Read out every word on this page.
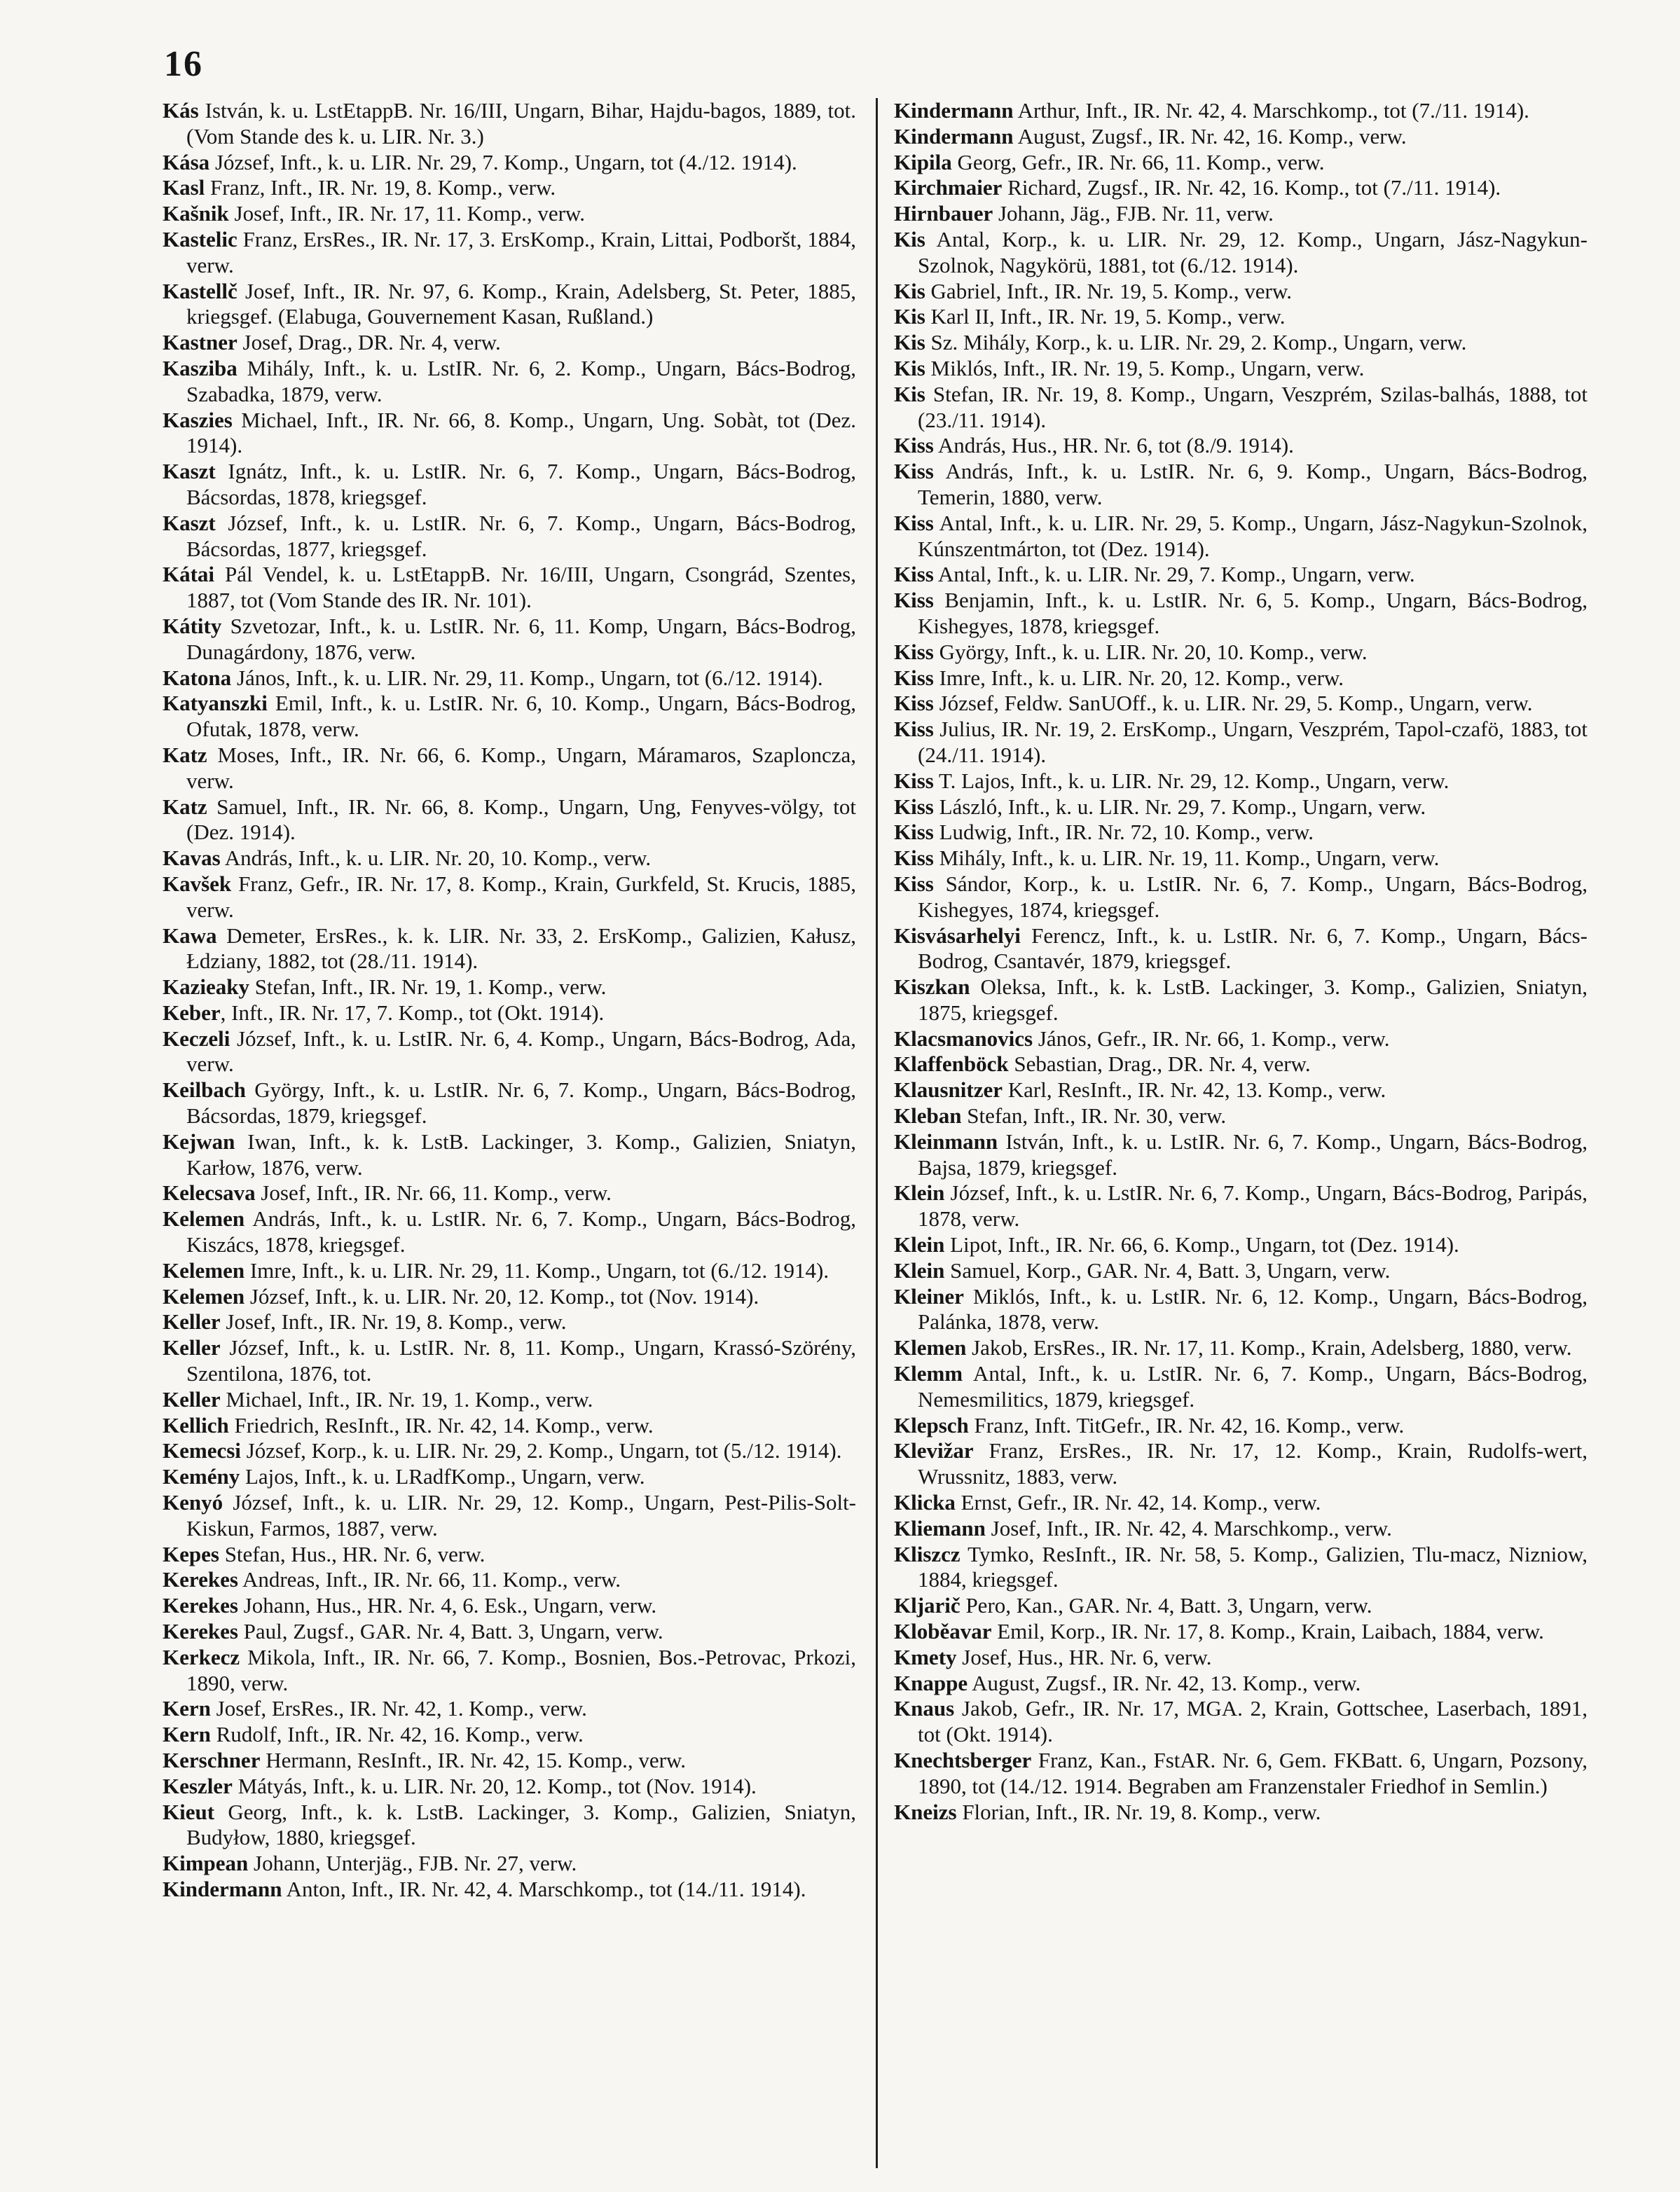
16

Kás István, k. u. LstEtappB. Nr. 16/III, Ungarn, Bihar, Hajdu-bagos, 1889, tot. (Vom Stande des k. u. LIR. Nr. 3.)

Kása József, Inft., k. u. LIR. Nr. 29, 7. Komp., Ungarn, tot (4./12. 1914).

Kasl Franz, Inft., IR. Nr. 19, 8. Komp., verw.

Kašnik Josef, Inft., IR. Nr. 17, 11. Komp., verw.

Kastelic Franz, ErsRes., IR. Nr. 17, 3. ErsKomp., Krain, Littai, Podboršt, 1884, verw.

Kastellč Josef, Inft., IR. Nr. 97, 6. Komp., Krain, Adelsberg, St. Peter, 1885, kriegsgef. (Elabuga, Gouvernement Kasan, Rußland.)

Kastner Josef, Drag., DR. Nr. 4, verw.

Kasziba Mihály, Inft., k. u. LstIR. Nr. 6, 2. Komp., Ungarn, Bács-Bodrog, Szabadka, 1879, verw.

Kaszies Michael, Inft., IR. Nr. 66, 8. Komp., Ungarn, Ung. Sobàt, tot (Dez. 1914).

Kaszt Ignátz, Inft., k. u. LstIR. Nr. 6, 7. Komp., Ungarn, Bács-Bodrog, Bácsordas, 1878, kriegsgef.

Kaszt József, Inft., k. u. LstIR. Nr. 6, 7. Komp., Ungarn, Bács-Bodrog, Bácsordas, 1877, kriegsgef.

Kátai Pál Vendel, k. u. LstEtappB. Nr. 16/III, Ungarn, Csongrád, Szentes, 1887, tot (Vom Stande des IR. Nr. 101).

Kátity Szvetozar, Inft., k. u. LstIR. Nr. 6, 11. Komp, Ungarn, Bács-Bodrog, Dunagárdony, 1876, verw.

Katona János, Inft., k. u. LIR. Nr. 29, 11. Komp., Ungarn, tot (6./12. 1914).

Katyanszki Emil, Inft., k. u. LstIR. Nr. 6, 10. Komp., Ungarn, Bács-Bodrog, Ofutak, 1878, verw.

Katz Moses, Inft., IR. Nr. 66, 6. Komp., Ungarn, Máramaros, Szaploncza, verw.

Katz Samuel, Inft., IR. Nr. 66, 8. Komp., Ungarn, Ung, Fenyves-völgy, tot (Dez. 1914).

Kavas András, Inft., k. u. LIR. Nr. 20, 10. Komp., verw.

Kavšek Franz, Gefr., IR. Nr. 17, 8. Komp., Krain, Gurkfeld, St. Krucis, 1885, verw.

Kawa Demeter, ErsRes., k. k. LIR. Nr. 33, 2. ErsKomp., Galizien, Kałusz, Łdziany, 1882, tot (28./11. 1914).

Kazieaky Stefan, Inft., IR. Nr. 19, 1. Komp., verw.

Keber, Inft., IR. Nr. 17, 7. Komp., tot (Okt. 1914).

Keczeli József, Inft., k. u. LstIR. Nr. 6, 4. Komp., Ungarn, Bács-Bodrog, Ada, verw.

Keilbach György, Inft., k. u. LstIR. Nr. 6, 7. Komp., Ungarn, Bács-Bodrog, Bácsordas, 1879, kriegsgef.

Kejwan Iwan, Inft., k. k. LstB. Lackinger, 3. Komp., Galizien, Sniatyn, Karłow, 1876, verw.

Kelecsava Josef, Inft., IR. Nr. 66, 11. Komp., verw.

Kelemen András, Inft., k. u. LstIR. Nr. 6, 7. Komp., Ungarn, Bács-Bodrog, Kiszács, 1878, kriegsgef.

Kelemen Imre, Inft., k. u. LIR. Nr. 29, 11. Komp., Ungarn, tot (6./12. 1914).

Kelemen József, Inft., k. u. LIR. Nr. 20, 12. Komp., tot (Nov. 1914).

Keller Josef, Inft., IR. Nr. 19, 8. Komp., verw.

Keller József, Inft., k. u. LstIR. Nr. 8, 11. Komp., Ungarn, Krassó-Szörény, Szentilona, 1876, tot.

Keller Michael, Inft., IR. Nr. 19, 1. Komp., verw.

Kellich Friedrich, ResInft., IR. Nr. 42, 14. Komp., verw.

Kemecsi József, Korp., k. u. LIR. Nr. 29, 2. Komp., Ungarn, tot (5./12. 1914).

Kemény Lajos, Inft., k. u. LRadfKomp., Ungarn, verw.

Kenyó József, Inft., k. u. LIR. Nr. 29, 12. Komp., Ungarn, Pest-Pilis-Solt-Kiskun, Farmos, 1887, verw.

Kepes Stefan, Hus., HR. Nr. 6, verw.

Kerekes Andreas, Inft., IR. Nr. 66, 11. Komp., verw.

Kerekes Johann, Hus., HR. Nr. 4, 6. Esk., Ungarn, verw.

Kerekes Paul, Zugsf., GAR. Nr. 4, Batt. 3, Ungarn, verw.

Kerkecz Mikola, Inft., IR. Nr. 66, 7. Komp., Bosnien, Bos.-Petrovac, Prkozi, 1890, verw.

Kern Josef, ErsRes., IR. Nr. 42, 1. Komp., verw.

Kern Rudolf, Inft., IR. Nr. 42, 16. Komp., verw.

Kerschner Hermann, ResInft., IR. Nr. 42, 15. Komp., verw.

Keszler Mátyás, Inft., k. u. LIR. Nr. 20, 12. Komp., tot (Nov. 1914).

Kieut Georg, Inft., k. k. LstB. Lackinger, 3. Komp., Galizien, Sniatyn, Budyłow, 1880, kriegsgef.

Kimpean Johann, Unterjäg., FJB. Nr. 27, verw.

Kindermann Anton, Inft., IR. Nr. 42, 4. Marschkomp., tot (14./11. 1914).

Kindermann Arthur, Inft., IR. Nr. 42, 4. Marschkomp., tot (7./11. 1914).

Kindermann August, Zugsf., IR. Nr. 42, 16. Komp., verw.

Kipila Georg, Gefr., IR. Nr. 66, 11. Komp., verw.

Kirchmaier Richard, Zugsf., IR. Nr. 42, 16. Komp., tot (7./11. 1914).

Hirnbauer Johann, Jäg., FJB. Nr. 11, verw.

Kis Antal, Korp., k. u. LIR. Nr. 29, 12. Komp., Ungarn, Jász-Nagykun-Szolnok, Nagykörü, 1881, tot (6./12. 1914).

Kis Gabriel, Inft., IR. Nr. 19, 5. Komp., verw.

Kis Karl II, Inft., IR. Nr. 19, 5. Komp., verw.

Kis Sz. Mihály, Korp., k. u. LIR. Nr. 29, 2. Komp., Ungarn, verw.

Kis Miklós, Inft., IR. Nr. 19, 5. Komp., Ungarn, verw.

Kis Stefan, IR. Nr. 19, 8. Komp., Ungarn, Veszprém, Szilas-balhás, 1888, tot (23./11. 1914).

Kiss András, Hus., HR. Nr. 6, tot (8./9. 1914).

Kiss András, Inft., k. u. LstIR. Nr. 6, 9. Komp., Ungarn, Bács-Bodrog, Temerin, 1880, verw.

Kiss Antal, Inft., k. u. LIR. Nr. 29, 5. Komp., Ungarn, Jász-Nagykun-Szolnok, Kúnszentmárton, tot (Dez. 1914).

Kiss Antal, Inft., k. u. LIR. Nr. 29, 7. Komp., Ungarn, verw.

Kiss Benjamin, Inft., k. u. LstIR. Nr. 6, 5. Komp., Ungarn, Bács-Bodrog, Kishegyes, 1878, kriegsgef.

Kiss György, Inft., k. u. LIR. Nr. 20, 10. Komp., verw.

Kiss Imre, Inft., k. u. LIR. Nr. 20, 12. Komp., verw.

Kiss József, Feldw. SanUOff., k. u. LIR. Nr. 29, 5. Komp., Ungarn, verw.

Kiss Julius, IR. Nr. 19, 2. ErsKomp., Ungarn, Veszprém, Tapol-czafö, 1883, tot (24./11. 1914).

Kiss T. Lajos, Inft., k. u. LIR. Nr. 29, 12. Komp., Ungarn, verw.

Kiss László, Inft., k. u. LIR. Nr. 29, 7. Komp., Ungarn, verw.

Kiss Ludwig, Inft., IR. Nr. 72, 10. Komp., verw.

Kiss Mihály, Inft., k. u. LIR. Nr. 19, 11. Komp., Ungarn, verw.

Kiss Sándor, Korp., k. u. LstIR. Nr. 6, 7. Komp., Ungarn, Bács-Bodrog, Kishegyes, 1874, kriegsgef.

Kisvásarhelyi Ferencz, Inft., k. u. LstIR. Nr. 6, 7. Komp., Ungarn, Bács-Bodrog, Csantavér, 1879, kriegsgef.

Kiszkan Oleksa, Inft., k. k. LstB. Lackinger, 3. Komp., Galizien, Sniatyn, 1875, kriegsgef.

Klacsmanovics János, Gefr., IR. Nr. 66, 1. Komp., verw.

Klaffenböck Sebastian, Drag., DR. Nr. 4, verw.

Klausnitzer Karl, ResInft., IR. Nr. 42, 13. Komp., verw.

Kleban Stefan, Inft., IR. Nr. 30, verw.

Kleinmann István, Inft., k. u. LstIR. Nr. 6, 7. Komp., Ungarn, Bács-Bodrog, Bajsa, 1879, kriegsgef.

Klein József, Inft., k. u. LstIR. Nr. 6, 7. Komp., Ungarn, Bács-Bodrog, Paripás, 1878, verw.

Klein Lipot, Inft., IR. Nr. 66, 6. Komp., Ungarn, tot (Dez. 1914).

Klein Samuel, Korp., GAR. Nr. 4, Batt. 3, Ungarn, verw.

Kleiner Miklós, Inft., k. u. LstIR. Nr. 6, 12. Komp., Ungarn, Bács-Bodrog, Palánka, 1878, verw.

Klemen Jakob, ErsRes., IR. Nr. 17, 11. Komp., Krain, Adelsberg, 1880, verw.

Klemm Antal, Inft., k. u. LstIR. Nr. 6, 7. Komp., Ungarn, Bács-Bodrog, Nemesmilitics, 1879, kriegsgef.

Klepsch Franz, Inft. TitGefr., IR. Nr. 42, 16. Komp., verw.

Klevižar Franz, ErsRes., IR. Nr. 17, 12. Komp., Krain, Rudolfs-wert, Wrussnitz, 1883, verw.

Klicka Ernst, Gefr., IR. Nr. 42, 14. Komp., verw.

Kliemann Josef, Inft., IR. Nr. 42, 4. Marschkomp., verw.

Kliszcz Tymko, ResInft., IR. Nr. 58, 5. Komp., Galizien, Tlu-macz, Nizniow, 1884, kriegsgef.

Kljarič Pero, Kan., GAR. Nr. 4, Batt. 3, Ungarn, verw.

Kloběavar Emil, Korp., IR. Nr. 17, 8. Komp., Krain, Laibach, 1884, verw.

Kmety Josef, Hus., HR. Nr. 6, verw.

Knappe August, Zugsf., IR. Nr. 42, 13. Komp., verw.

Knaus Jakob, Gefr., IR. Nr. 17, MGA. 2, Krain, Gottschee, Laserbach, 1891, tot (Okt. 1914).

Knechtsberger Franz, Kan., FstAR. Nr. 6, Gem. FKBatt. 6, Ungarn, Pozsony, 1890, tot (14./12. 1914. Begraben am Franzenstaler Friedhof in Semlin.)

Kneizs Florian, Inft., IR. Nr. 19, 8. Komp., verw.
